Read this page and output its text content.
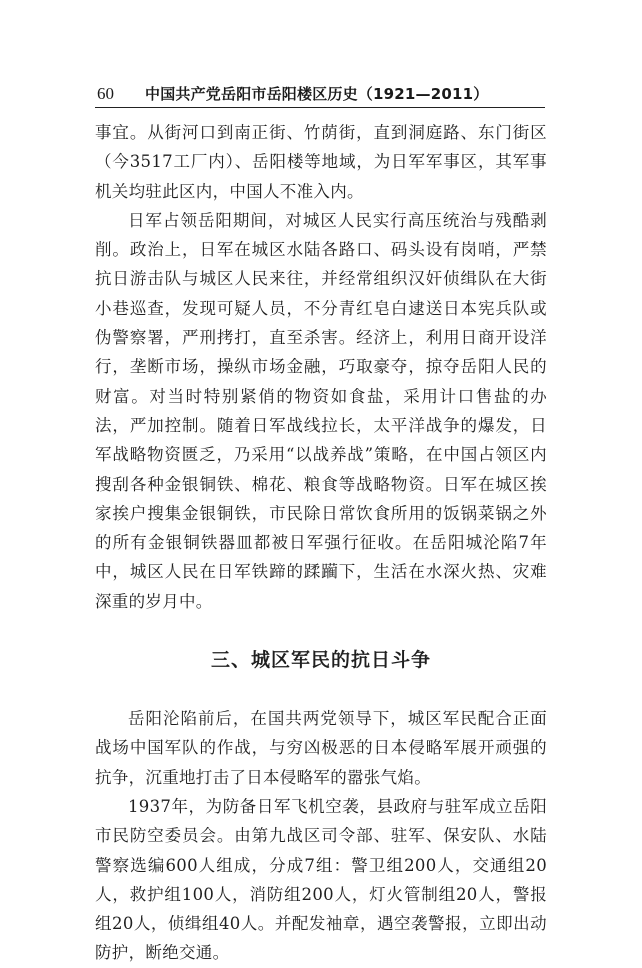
60 中国共产党岳阳市岳阳楼区历史（1921—2011）

事宜。从街河口到南正街、竹荫街，直到洞庭路、东门街区（今3517工厂内）、岳阳楼等地域，为日军军事区，其军事机关均驻此区内，中国人不准入内。

日军占领岳阳期间，对城区人民实行高压统治与残酷剥削。政治上，日军在城区水陆各路口、码头设有岗哨，严禁抗日游击队与城区人民来往，并经常组织汉奸侦缉队在大街小巷巡查，发现可疑人员，不分青红皂白逮送日本宪兵队或伪警察署，严刑拷打，直至杀害。经济上，利用日商开设洋行，垄断市场，操纵市场金融，巧取豪夺，掠夺岳阳人民的财富。对当时特别紧俏的物资如食盐，采用计口售盐的办法，严加控制。随着日军战线拉长，太平洋战争的爆发，日军战略物资匮乏，乃采用“以战养战”策略，在中国占领区内搜刮各种金银铜铁、棉花、粮食等战略物资。日军在城区挨家挨户搜集金银铜铁，市民除日常饮食所用的饭锅菜锅之外的所有金银铜铁器皿都被日军强行征收。在岳阳城沦陷7年中，城区人民在日军铁蹄的蹂躏下，生活在水深火热、灾难深重的岁月中。

三、城区军民的抗日斗争

岳阳沦陷前后，在国共两党领导下，城区军民配合正面战场中国军队的作战，与穷凶极恶的日本侵略军展开顽强的抗争，沉重地打击了日本侵略军的嚣张气焰。

1937年，为防备日军飞机空袭，县政府与驻军成立岳阳市民防空委员会。由第九战区司令部、驻军、保安队、水陆警察选编600人组成，分成7组：警卫组200人，交通组20人，救护组100人，消防组200人，灯火管制组20人，警报组20人，侦缉组40人。并配发袖章，遇空袭警报，立即出动防护，断绝交通。
